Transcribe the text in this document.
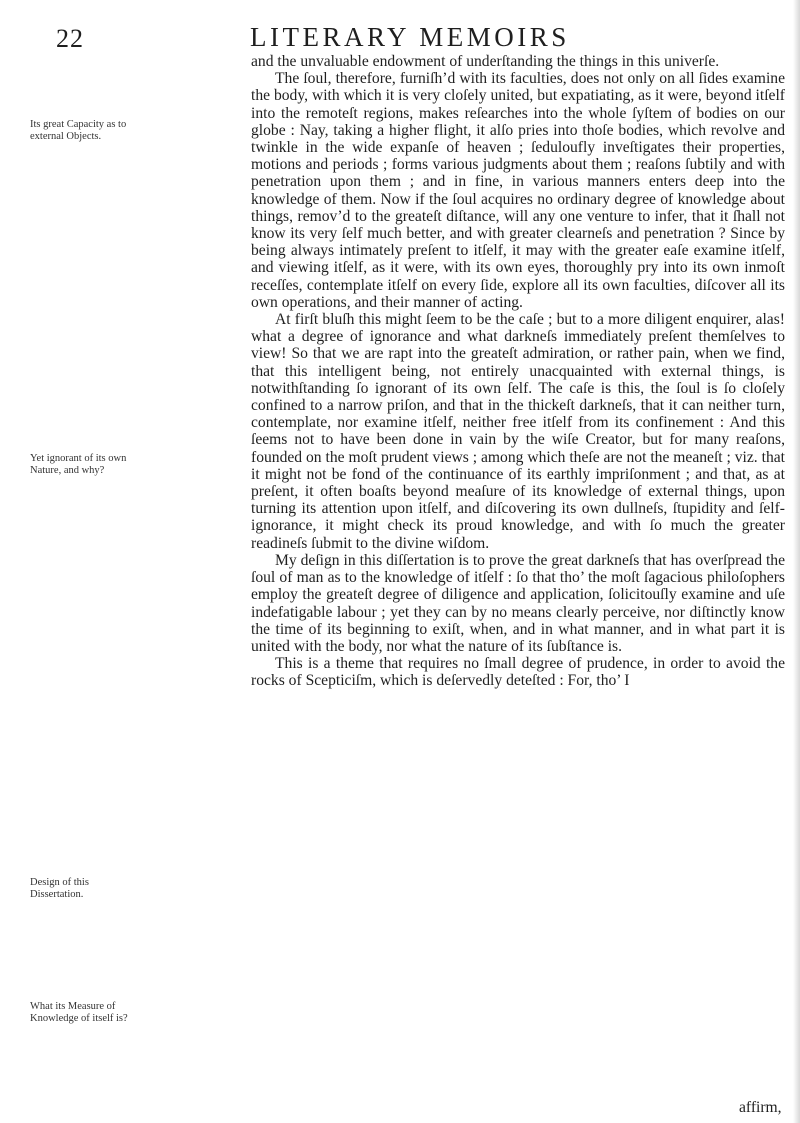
22	LITERARY MEMOIRS
Its great Capacity as to external Objects.
Yet ignorant of its own Nature, and why?
Design of this Dissertation.
What its Measure of Knowledge of itself is?

and the unvaluable endowment of underſtanding the things in this univerſe.

The ſoul, therefore, furniſh’d with its faculties, does not only on all ſides examine the body, with which it is very cloſely united, but expatiating, as it were, beyond itſelf into the remoteſt regions, makes reſearches into the whole ſyſtem of bodies on our globe : Nay, taking a higher flight, it alſo pries into thoſe bodies, which revolve and twinkle in the wide expanſe of heaven ; ſeduloufly inveſtigates their properties, motions and periods ; forms various judgments about them ; reaſons ſubtily and with penetration upon them ; and in fine, in various manners enters deep into the knowledge of them. Now if the ſoul acquires no ordinary degree of knowledge about things, remov’d to the greateſt diſtance, will any one venture to infer, that it ſhall not know its very ſelf much better, and with greater clearneſs and penetration ? Since by being always intimately preſent to itſelf, it may with the greater eaſe examine itſelf, and viewing itſelf, as it were, with its own eyes, thoroughly pry into its own inmoſt receſſes, contemplate itſelf on every ſide, explore all its own faculties, diſcover all its own operations, and their manner of acting.

At firſt bluſh this might ſeem to be the caſe ; but to a more diligent enquirer, alas! what a degree of ignorance and what darkneſs immediately preſent themſelves to view! So that we are rapt into the greateſt admiration, or rather pain, when we find, that this intelligent being, not entirely unacquainted with external things, is notwithſtanding ſo ignorant of its own ſelf. The caſe is this, the ſoul is ſo cloſely confined to a narrow priſon, and that in the thickeſt darkneſs, that it can neither turn, contemplate, nor examine itſelf, neither free itſelf from its confinement : And this ſeems not to have been done in vain by the wiſe Creator, but for many reaſons, founded on the moſt prudent views ; among which theſe are not the meaneſt ; viz. that it might not be fond of the continuance of its earthly impriſonment ; and that, as at preſent, it often boaſts beyond meaſure of its knowledge of external things, upon turning its attention upon itſelf, and diſcovering its own dullneſs, ſtupidity and ſelf-ignorance, it might check its proud knowledge, and with ſo much the greater readineſs ſubmit to the divine wiſdom.

My deſign in this diſſertation is to prove the great darkneſs that has overſpread the ſoul of man as to the knowledge of itſelf : ſo that tho’ the moſt ſagacious philoſophers employ the greateſt degree of diligence and application, ſolicitouſly examine and uſe indefatigable labour ; yet they can by no means clearly perceive, nor diſtinctly know the time of its beginning to exiſt, when, and in what manner, and in what part it is united with the body, nor what the nature of its ſubſtance is.

This is a theme that requires no ſmall degree of prudence, in order to avoid the rocks of Scepticiſm, which is deſervedly deteſted : For, tho’ I

affirm,
